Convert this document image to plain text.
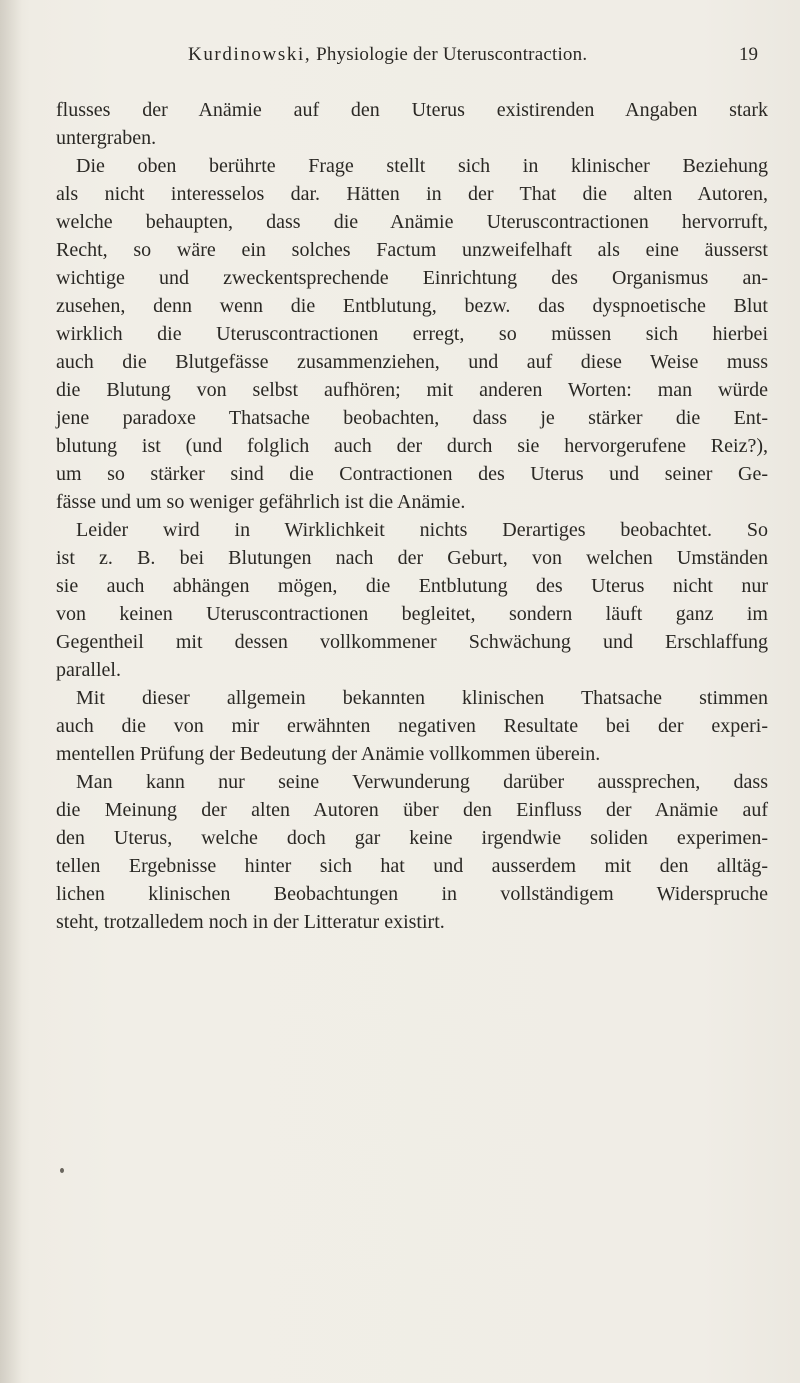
Kurdinowski, Physiologie der Uteruscontraction.	19
flusses der Anämie auf den Uterus existirenden Angaben stark
untergraben.
Die oben berührte Frage stellt sich in klinischer Beziehung
als nicht interesselos dar. Hätten in der That die alten Autoren,
welche behaupten, dass die Anämie Uteruscontractionen hervorruft,
Recht, so wäre ein solches Factum unzweifelhaft als eine äusserst
wichtige und zweckentsprechende Einrichtung des Organismus an-
zusehen, denn wenn die Entblutung, bezw. das dyspnoetische Blut
wirklich die Uteruscontractionen erregt, so müssen sich hierbei
auch die Blutgefässe zusammenziehen, und auf diese Weise muss
die Blutung von selbst aufhören; mit anderen Worten: man würde
jene paradoxe Thatsache beobachten, dass je stärker die Ent-
blutung ist (und folglich auch der durch sie hervorgerufene Reiz?),
um so stärker sind die Contractionen des Uterus und seiner Ge-
fässe und um so weniger gefährlich ist die Anämie.
Leider wird in Wirklichkeit nichts Derartiges beobachtet. So
ist z. B. bei Blutungen nach der Geburt, von welchen Umständen
sie auch abhängen mögen, die Entblutung des Uterus nicht nur
von keinen Uteruscontractionen begleitet, sondern läuft ganz im
Gegentheil mit dessen vollkommener Schwächung und Erschlaffung
parallel.
Mit dieser allgemein bekannten klinischen Thatsache stimmen
auch die von mir erwähnten negativen Resultate bei der experi-
mentellen Prüfung der Bedeutung der Anämie vollkommen überein.
Man kann nur seine Verwunderung darüber aussprechen, dass
die Meinung der alten Autoren über den Einfluss der Anämie auf
den Uterus, welche doch gar keine irgendwie soliden experimen-
tellen Ergebnisse hinter sich hat und ausserdem mit den alltäg-
lichen klinischen Beobachtungen in vollständigem Widerspruche
steht, trotzalledem noch in der Litteratur existirt.
